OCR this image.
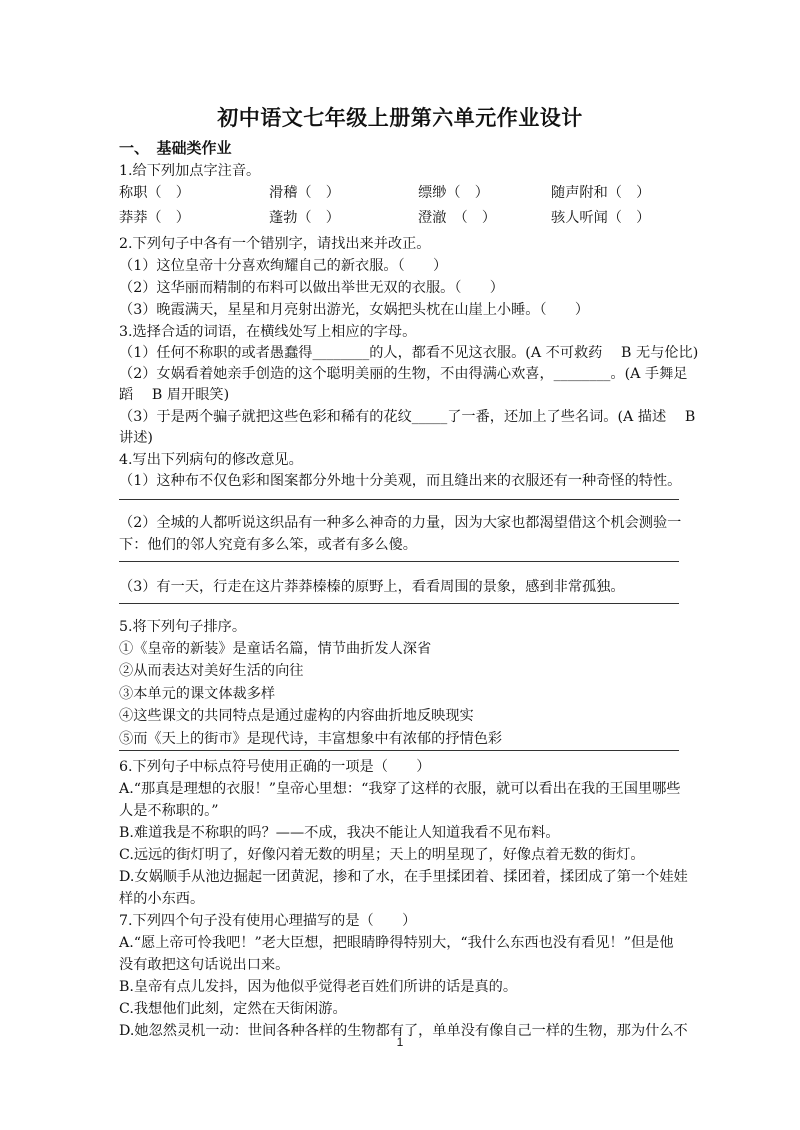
初中语文七年级上册第六单元作业设计
一、　基础类作业
1.给下列加点字注音。
称职（　）	滑稽（　）	缥缈（　）	随声附和（　）
莽莽（　）	蓬勃（　）	澄澈　（　）	骇人听闻（　）
2.下列句子中各有一个错别字，请找出来并改正。
（1）这位皇帝十分喜欢绚耀自己的新衣服。（　　）
（2）这华丽而精制的布料可以做出举世无双的衣服。（　　）
（3）晚霞满天，星星和月亮射出游光，女娲把头枕在山崖上小睡。（　　）
3.选择合适的词语，在横线处写上相应的字母。
（1）任何不称职的或者愚蠢得________的人，都看不见这衣服。(A 不可救药　 B 无与伦比)
（2）女娲看着她亲手创造的这个聪明美丽的生物，不由得满心欢喜，________。(A 手舞足
蹈　 B 眉开眼笑)
（3）于是两个骗子就把这些色彩和稀有的花纹_____了一番，还加上了些名词。(A 描述　 B
讲述)
4.写出下列病句的修改意见。
（1）这种布不仅色彩和图案都分外地十分美观，而且缝出来的衣服还有一种奇怪的特性。
（2）全城的人都听说这织品有一种多么神奇的力量，因为大家也都渴望借这个机会测验一
下：他们的邻人究竟有多么笨，或者有多么傻。
（3）有一天，行走在这片莽莽榛榛的原野上，看看周围的景象，感到非常孤独。
5.将下列句子排序。
①《皇帝的新装》是童话名篇，情节曲折发人深省
②从而表达对美好生活的向往
③本单元的课文体裁多样
④这些课文的共同特点是通过虚构的内容曲折地反映现实
⑤而《天上的街市》是现代诗，丰富想象中有浓郁的抒情色彩
6.下列句子中标点符号使用正确的一项是（　　）
A.“那真是理想的衣服！”皇帝心里想：“我穿了这样的衣服，就可以看出在我的王国里哪些
人是不称职的。”
B.难道我是不称职的吗？——不成，我决不能让人知道我看不见布料。
C.远远的街灯明了，好像闪着无数的明星；天上的明星现了，好像点着无数的街灯。
D.女娲顺手从池边掘起一团黄泥，掺和了水，在手里揉团着、揉团着，揉团成了第一个娃娃
样的小东西。
7.下列四个句子没有使用心理描写的是（　　）
A.“愿上帝可怜我吧！”老大臣想，把眼睛睁得特别大，“我什么东西也没有看见！”但是他
没有敢把这句话说出口来。
B.皇帝有点儿发抖，因为他似乎觉得老百姓们所讲的话是真的。
C.我想他们此刻，定然在天街闲游。
D.她忽然灵机一动：世间各种各样的生物都有了，单单没有像自己一样的生物，那为什么不
1
